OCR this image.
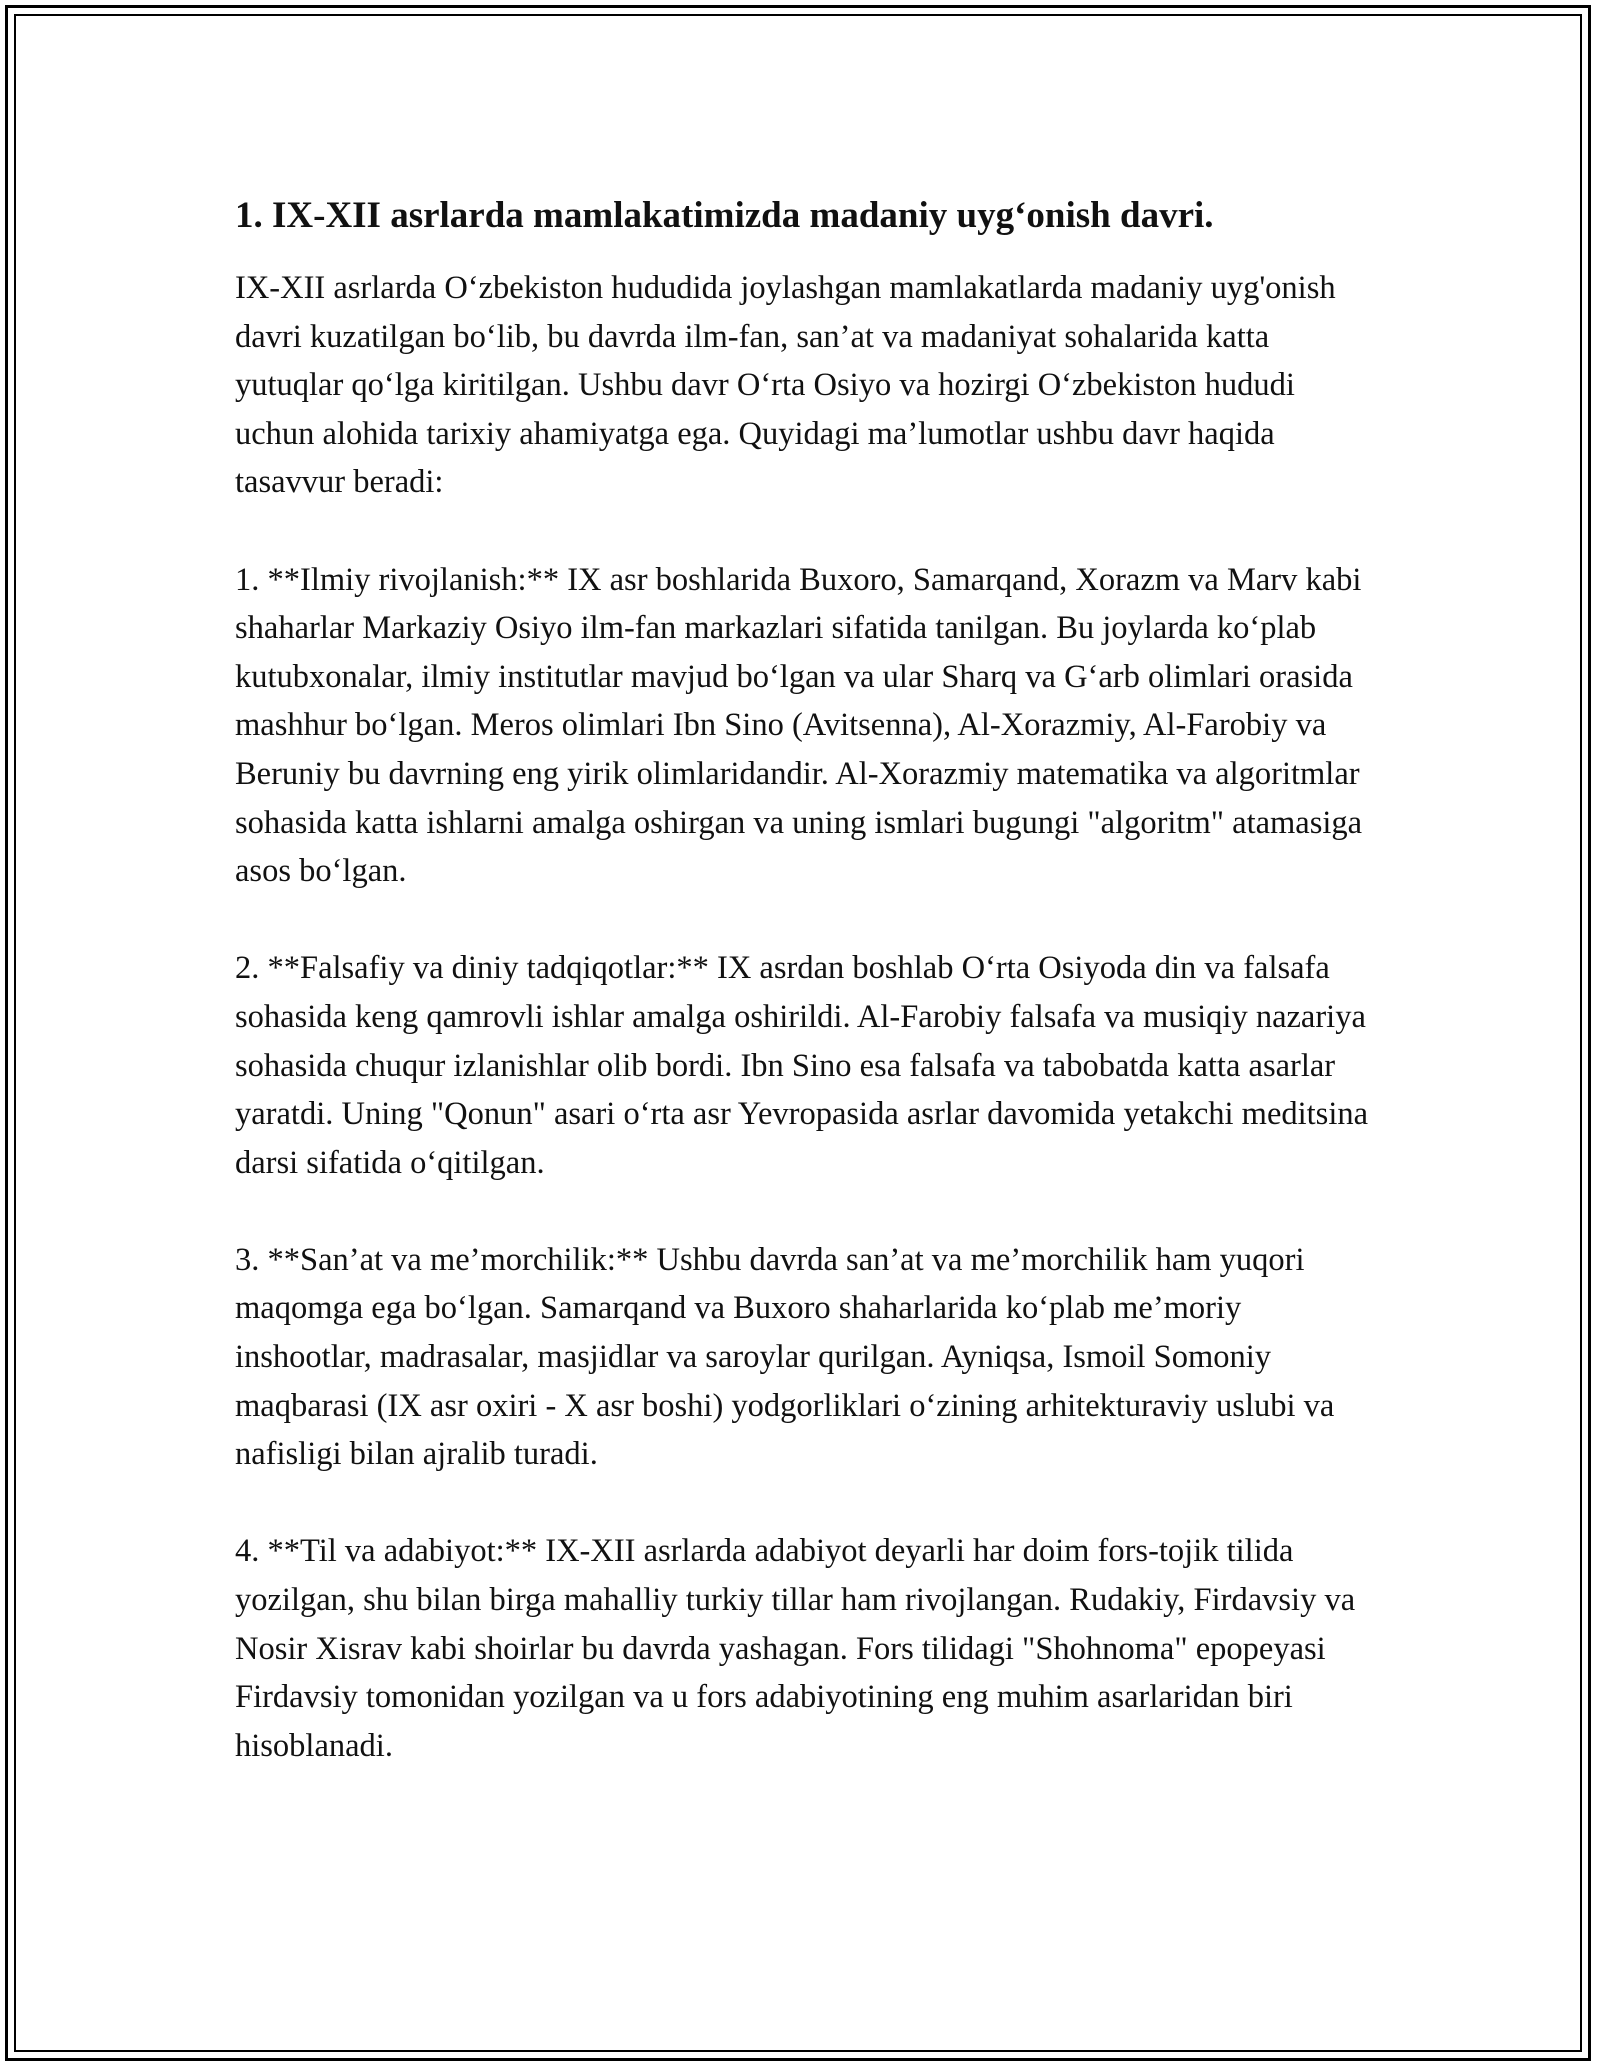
1. IX-XII asrlarda mamlakatimizda madaniy uyg‘onish davri.

IX-XII asrlarda O‘zbekiston hududida joylashgan mamlakatlarda madaniy uyg'onish davri kuzatilgan bo‘lib, bu davrda ilm-fan, san’at va madaniyat sohalarida katta yutuqlar qo‘lga kiritilgan. Ushbu davr O‘rta Osiyo va hozirgi O‘zbekiston hududi uchun alohida tarixiy ahamiyatga ega. Quyidagi ma’lumotlar ushbu davr haqida tasavvur beradi:

1. **Ilmiy rivojlanish:** IX asr boshlarida Buxoro, Samarqand, Xorazm va Marv kabi shaharlar Markaziy Osiyo ilm-fan markazlari sifatida tanilgan. Bu joylarda ko‘plab kutubxonalar, ilmiy institutlar mavjud bo‘lgan va ular Sharq va G‘arb olimlari orasida mashhur bo‘lgan. Meros olimlari Ibn Sino (Avitsenna), Al-Xorazmiy, Al-Farobiy va Beruniy bu davrning eng yirik olimlaridandir. Al-Xorazmiy matematika va algoritmlar sohasida katta ishlarni amalga oshirgan va uning ismlari bugungi "algoritm" atamasiga asos bo‘lgan.

2. **Falsafiy va diniy tadqiqotlar:** IX asrdan boshlab O‘rta Osiyoda din va falsafa sohasida keng qamrovli ishlar amalga oshirildi. Al-Farobiy falsafa va musiqiy nazariya sohasida chuqur izlanishlar olib bordi. Ibn Sino esa falsafa va tabobatda katta asarlar yaratdi. Uning "Qonun" asari o‘rta asr Yevropasida asrlar davomida yetakchi meditsina darsi sifatida o‘qitilgan.

3. **San’at va me’morchilik:** Ushbu davrda san’at va me’morchilik ham yuqori maqomga ega bo‘lgan. Samarqand va Buxoro shaharlarida ko‘plab me’moriy inshootlar, madrasalar, masjidlar va saroylar qurilgan. Ayniqsa, Ismoil Somoniy maqbarasi (IX asr oxiri - X asr boshi) yodgorliklari o‘zining arhitekturaviy uslubi va nafisligi bilan ajralib turadi.

4. **Til va adabiyot:** IX-XII asrlarda adabiyot deyarli har doim fors-tojik tilida yozilgan, shu bilan birga mahalliy turkiy tillar ham rivojlangan. Rudakiy, Firdavsiy va Nosir Xisrav kabi shoirlar bu davrda yashagan. Fors tilidagi "Shohnoma" epopeyasi Firdavsiy tomonidan yozilgan va u fors adabiyotining eng muhim asarlaridan biri hisoblanadi.
